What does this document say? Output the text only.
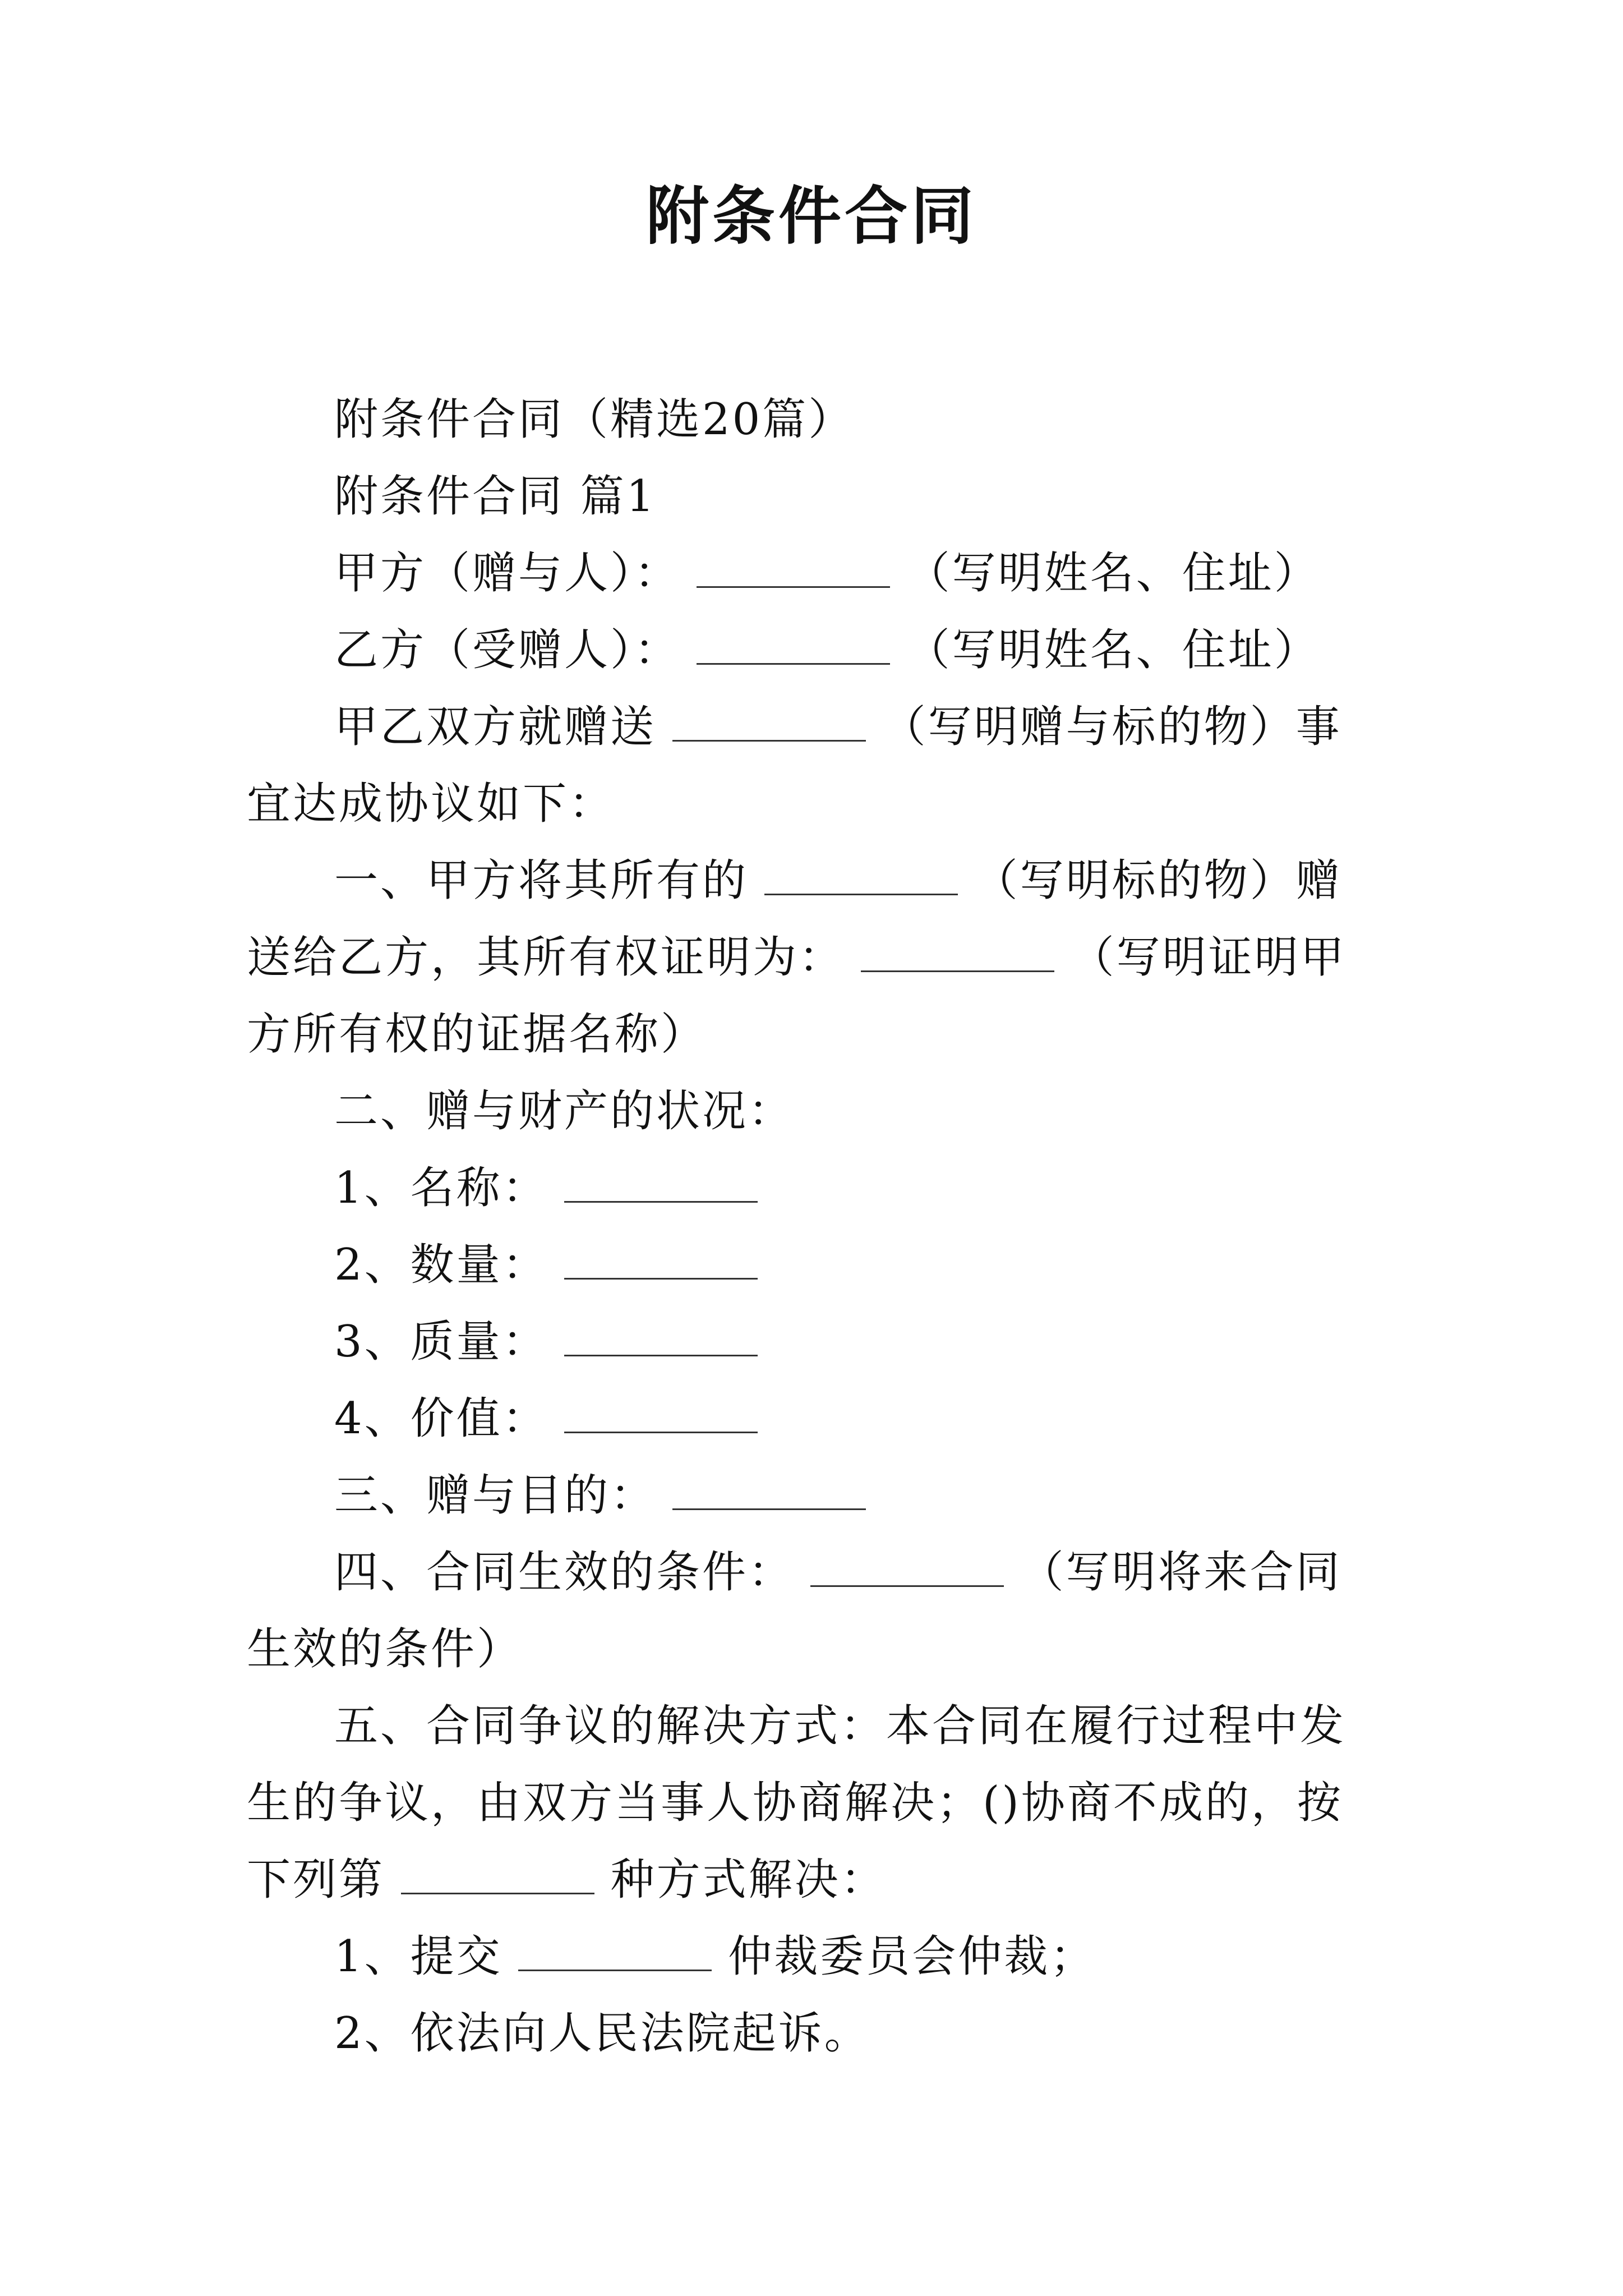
附条件合同

附条件合同（精选20篇）

附条件合同 篇1

甲方（赠与人）：	（写明姓名、住址）

乙方（受赠人）：	（写明姓名、住址）

甲乙双方就赠送	（写明赠与标的物）事宜达成协议如下：

一、甲方将其所有的	（写明标的物）赠送给乙方，其所有权证明为：	（写明证明甲方所有权的证据名称）

二、赠与财产的状况：

1、名称：

2、数量：

3、质量：

4、价值：

三、赠与目的：

四、合同生效的条件：	（写明将来合同生效的条件）

五、合同争议的解决方式：本合同在履行过程中发生的争议，由双方当事人协商解决；()协商不成的，按下列第	种方式解决：

1、提交	仲裁委员会仲裁；

2、依法向人民法院起诉。
